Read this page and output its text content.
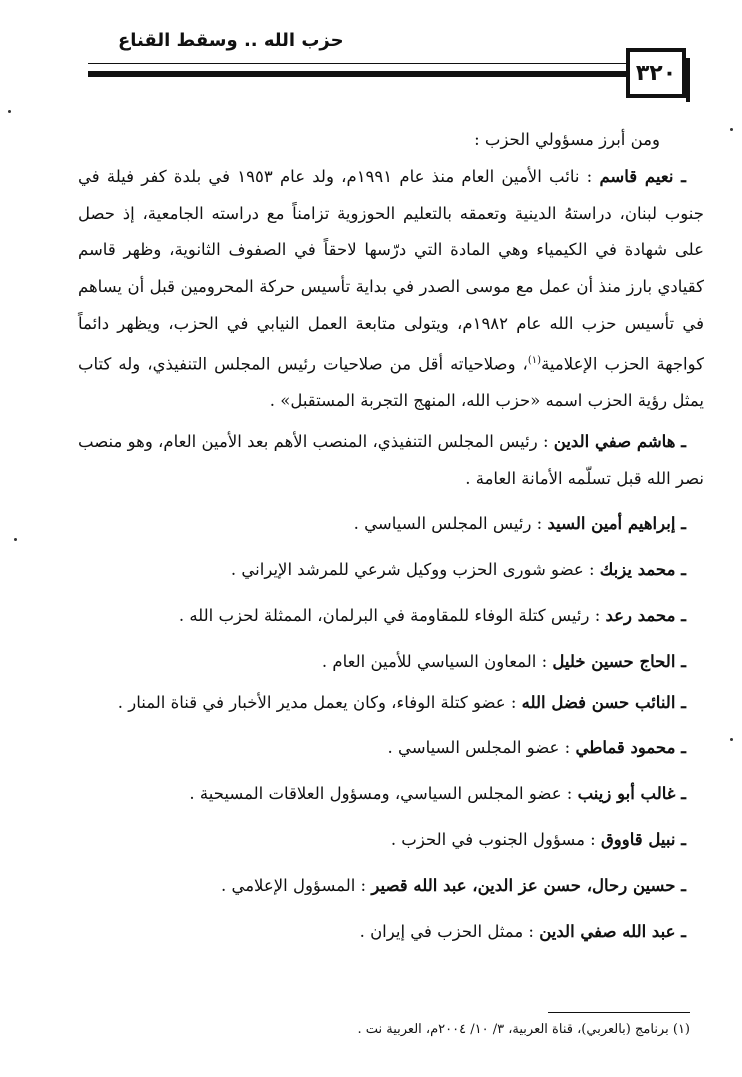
حزب الله .. وسقط القناع
٣٢٠

ومن أبرز مسؤولي الحزب :

ـ نعيم قاسم : نائب الأمين العام منذ عام ١٩٩١م، ولد عام ١٩٥٣ في بلدة كفر فيلة في جنوب لبنان، دراستهُ الدينية وتعمقه بالتعليم الحوزوية تزامناً مع دراسته الجامعية، إذ حصل على شهادة في الكيمياء وهي المادة التي درّسها لاحقاً في الصفوف الثانوية، وظهر قاسم كقيادي بارز منذ أن عمل مع موسى الصدر في بداية تأسيس حركة المحرومين قبل أن يساهم في تأسيس حزب الله عام ١٩٨٢م، ويتولى متابعة العمل النيابي في الحزب، ويظهر دائماً كواجهة الحزب الإعلامية$^{(١)}$، وصلاحياته أقل من صلاحيات رئيس المجلس التنفيذي، وله كتاب يمثل رؤية الحزب اسمه «حزب الله، المنهج التجربة المستقبل» .

ـ هاشم صفي الدين : رئيس المجلس التنفيذي، المنصب الأهم بعد الأمين العام، وهو منصب نصر الله قبل تسلّمه الأمانة العامة .

ـ إبراهيم أمين السيد : رئيس المجلس السياسي .

ـ محمد يزبك : عضو شورى الحزب ووكيل شرعي للمرشد الإيراني .

ـ محمد رعد : رئيس كتلة الوفاء للمقاومة في البرلمان، الممثلة لحزب الله .

ـ الحاج حسين خليل : المعاون السياسي للأمين العام .

ـ النائب حسن فضل الله : عضو كتلة الوفاء، وكان يعمل مدير الأخبار في قناة المنار .

ـ محمود قماطي : عضو المجلس السياسي .

ـ غالب أبو زينب : عضو المجلس السياسي، ومسؤول العلاقات المسيحية .

ـ نبيل قاووق : مسؤول الجنوب في الحزب .

ـ حسين رحال، حسن عز الدين، عبد الله قصير : المسؤول الإعلامي .

ـ عبد الله صفي الدين : ممثل الحزب في إيران .

(١) برنامج (بالعربي)، قناة العربية، ٣/ ١٠/ ٢٠٠٤م، العربية نت .
